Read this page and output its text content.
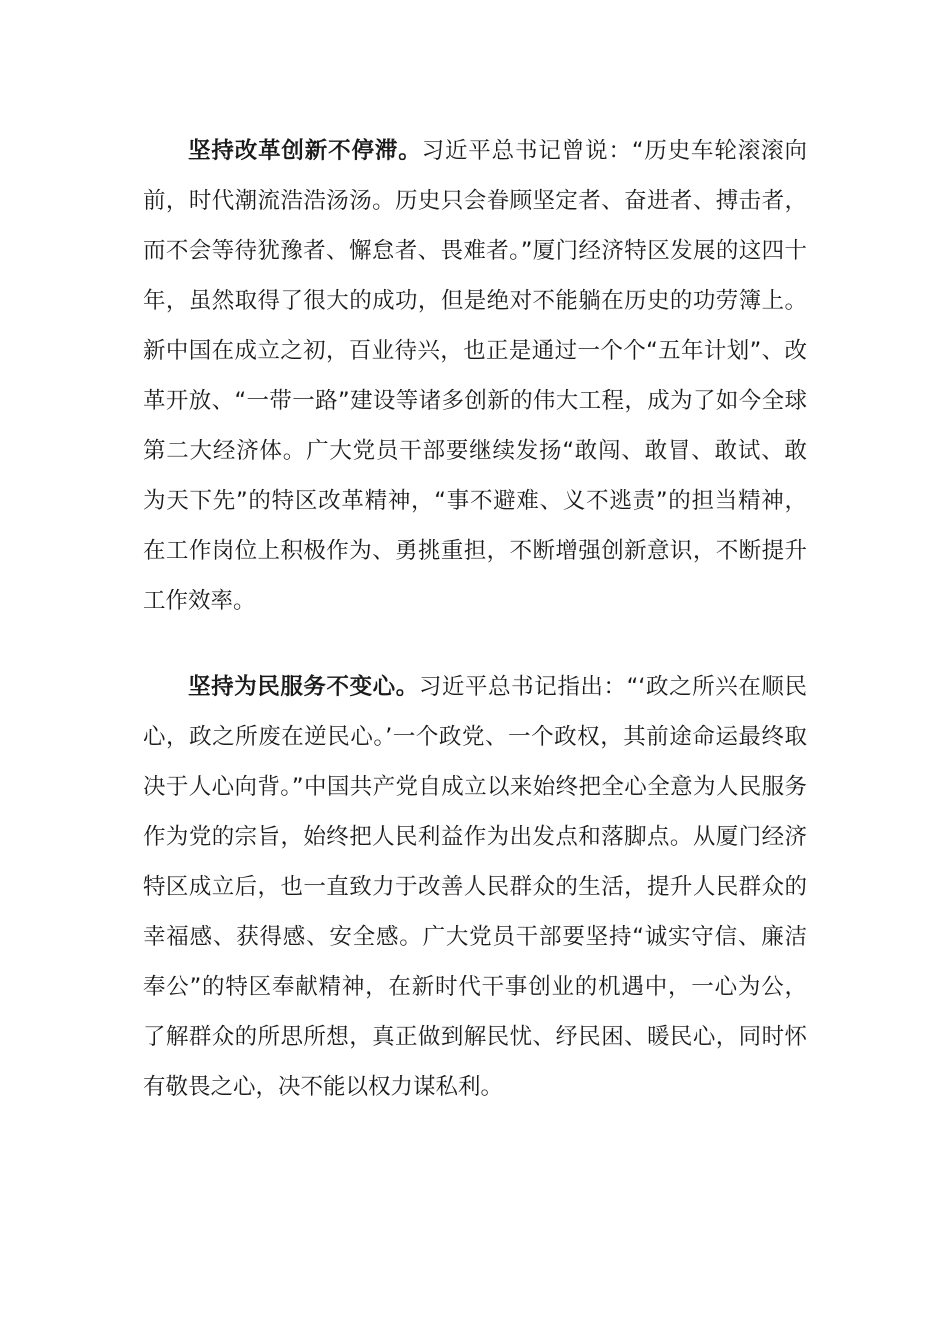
坚持改革创新不停滞。习近平总书记曾说：“历史车轮滚滚向前，时代潮流浩浩汤汤。历史只会眷顾坚定者、奋进者、搏击者，而不会等待犹豫者、懈怠者、畏难者。”厦门经济特区发展的这四十年，虽然取得了很大的成功，但是绝对不能躺在历史的功劳簿上。新中国在成立之初，百业待兴，也正是通过一个个“五年计划”、改革开放、“一带一路”建设等诸多创新的伟大工程，成为了如今全球第二大经济体。广大党员干部要继续发扬“敢闯、敢冒、敢试、敢为天下先”的特区改革精神，“事不避难、义不逃责”的担当精神，在工作岗位上积极作为、勇挑重担，不断增强创新意识，不断提升工作效率。

坚持为民服务不变心。习近平总书记指出：“‘政之所兴在顺民心，政之所废在逆民心。’一个政党、一个政权，其前途命运最终取决于人心向背。”中国共产党自成立以来始终把全心全意为人民服务作为党的宗旨，始终把人民利益作为出发点和落脚点。从厦门经济特区成立后，也一直致力于改善人民群众的生活，提升人民群众的幸福感、获得感、安全感。广大党员干部要坚持“诚实守信、廉洁奉公”的特区奉献精神，在新时代干事创业的机遇中，一心为公，了解群众的所思所想，真正做到解民忧、纾民困、暖民心，同时怀有敬畏之心，决不能以权力谋私利。
